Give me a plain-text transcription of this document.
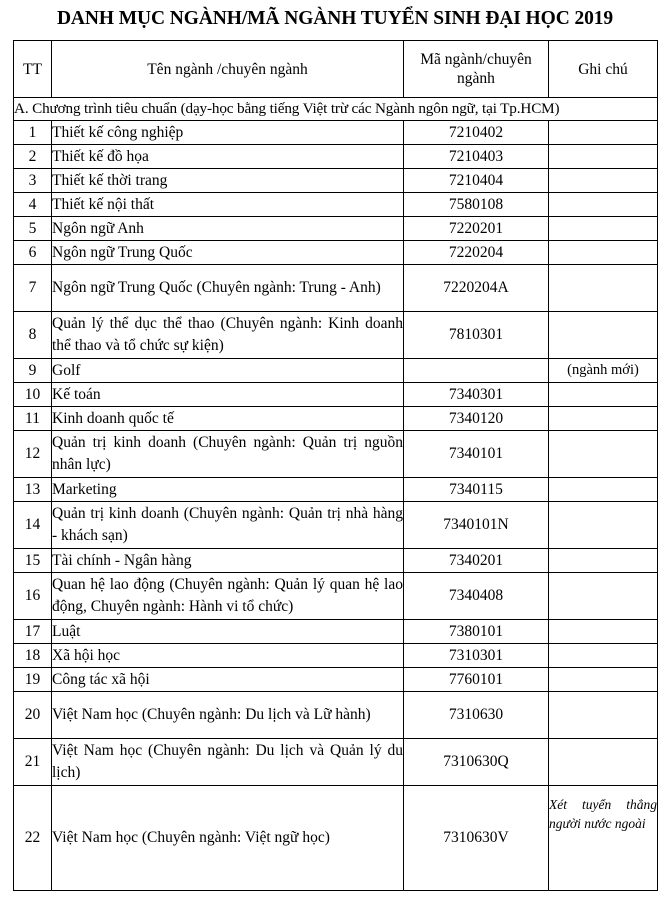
DANH MỤC NGÀNH/MÃ NGÀNH TUYỂN SINH ĐẠI HỌC 2019
TT	Tên ngành /chuyên ngành	Mã ngành/chuyên ngành	Ghi chú
A. Chương trình tiêu chuẩn (dạy-học bằng tiếng Việt trừ các Ngành ngôn ngữ, tại Tp.HCM)			
1	Thiết kế công nghiệp	7210402	
2	Thiết kế đồ họa	7210403	
3	Thiết kế thời trang	7210404	
4	Thiết kế nội thất	7580108	
5	Ngôn ngữ Anh	7220201	
6	Ngôn ngữ Trung Quốc	7220204	
7	Ngôn ngữ Trung Quốc (Chuyên ngành: Trung - Anh)	7220204A	
8	Quản lý thể dục thể thao (Chuyên ngành: Kinh doanh thể thao và tổ chức sự kiện)	7810301	
9	Golf		(ngành mới)
10	Kế toán	7340301	
11	Kinh doanh quốc tế	7340120	
12	Quản trị kinh doanh (Chuyên ngành: Quản trị nguồn nhân lực)	7340101	
13	Marketing	7340115	
14	Quản trị kinh doanh (Chuyên ngành: Quản trị nhà hàng - khách sạn)	7340101N	
15	Tài chính - Ngân hàng	7340201	
16	Quan hệ lao động (Chuyên ngành: Quản lý quan hệ lao động, Chuyên ngành: Hành vi tổ chức)	7340408	
17	Luật	7380101	
18	Xã hội học	7310301	
19	Công tác xã hội	7760101	
20	Việt Nam học (Chuyên ngành: Du lịch và Lữ hành)	7310630	
21	Việt Nam học (Chuyên ngành: Du lịch và Quản lý du lịch)	7310630Q	
22	Việt Nam học (Chuyên ngành: Việt ngữ học)	7310630V	Xét tuyển thẳng người nước ngoài
